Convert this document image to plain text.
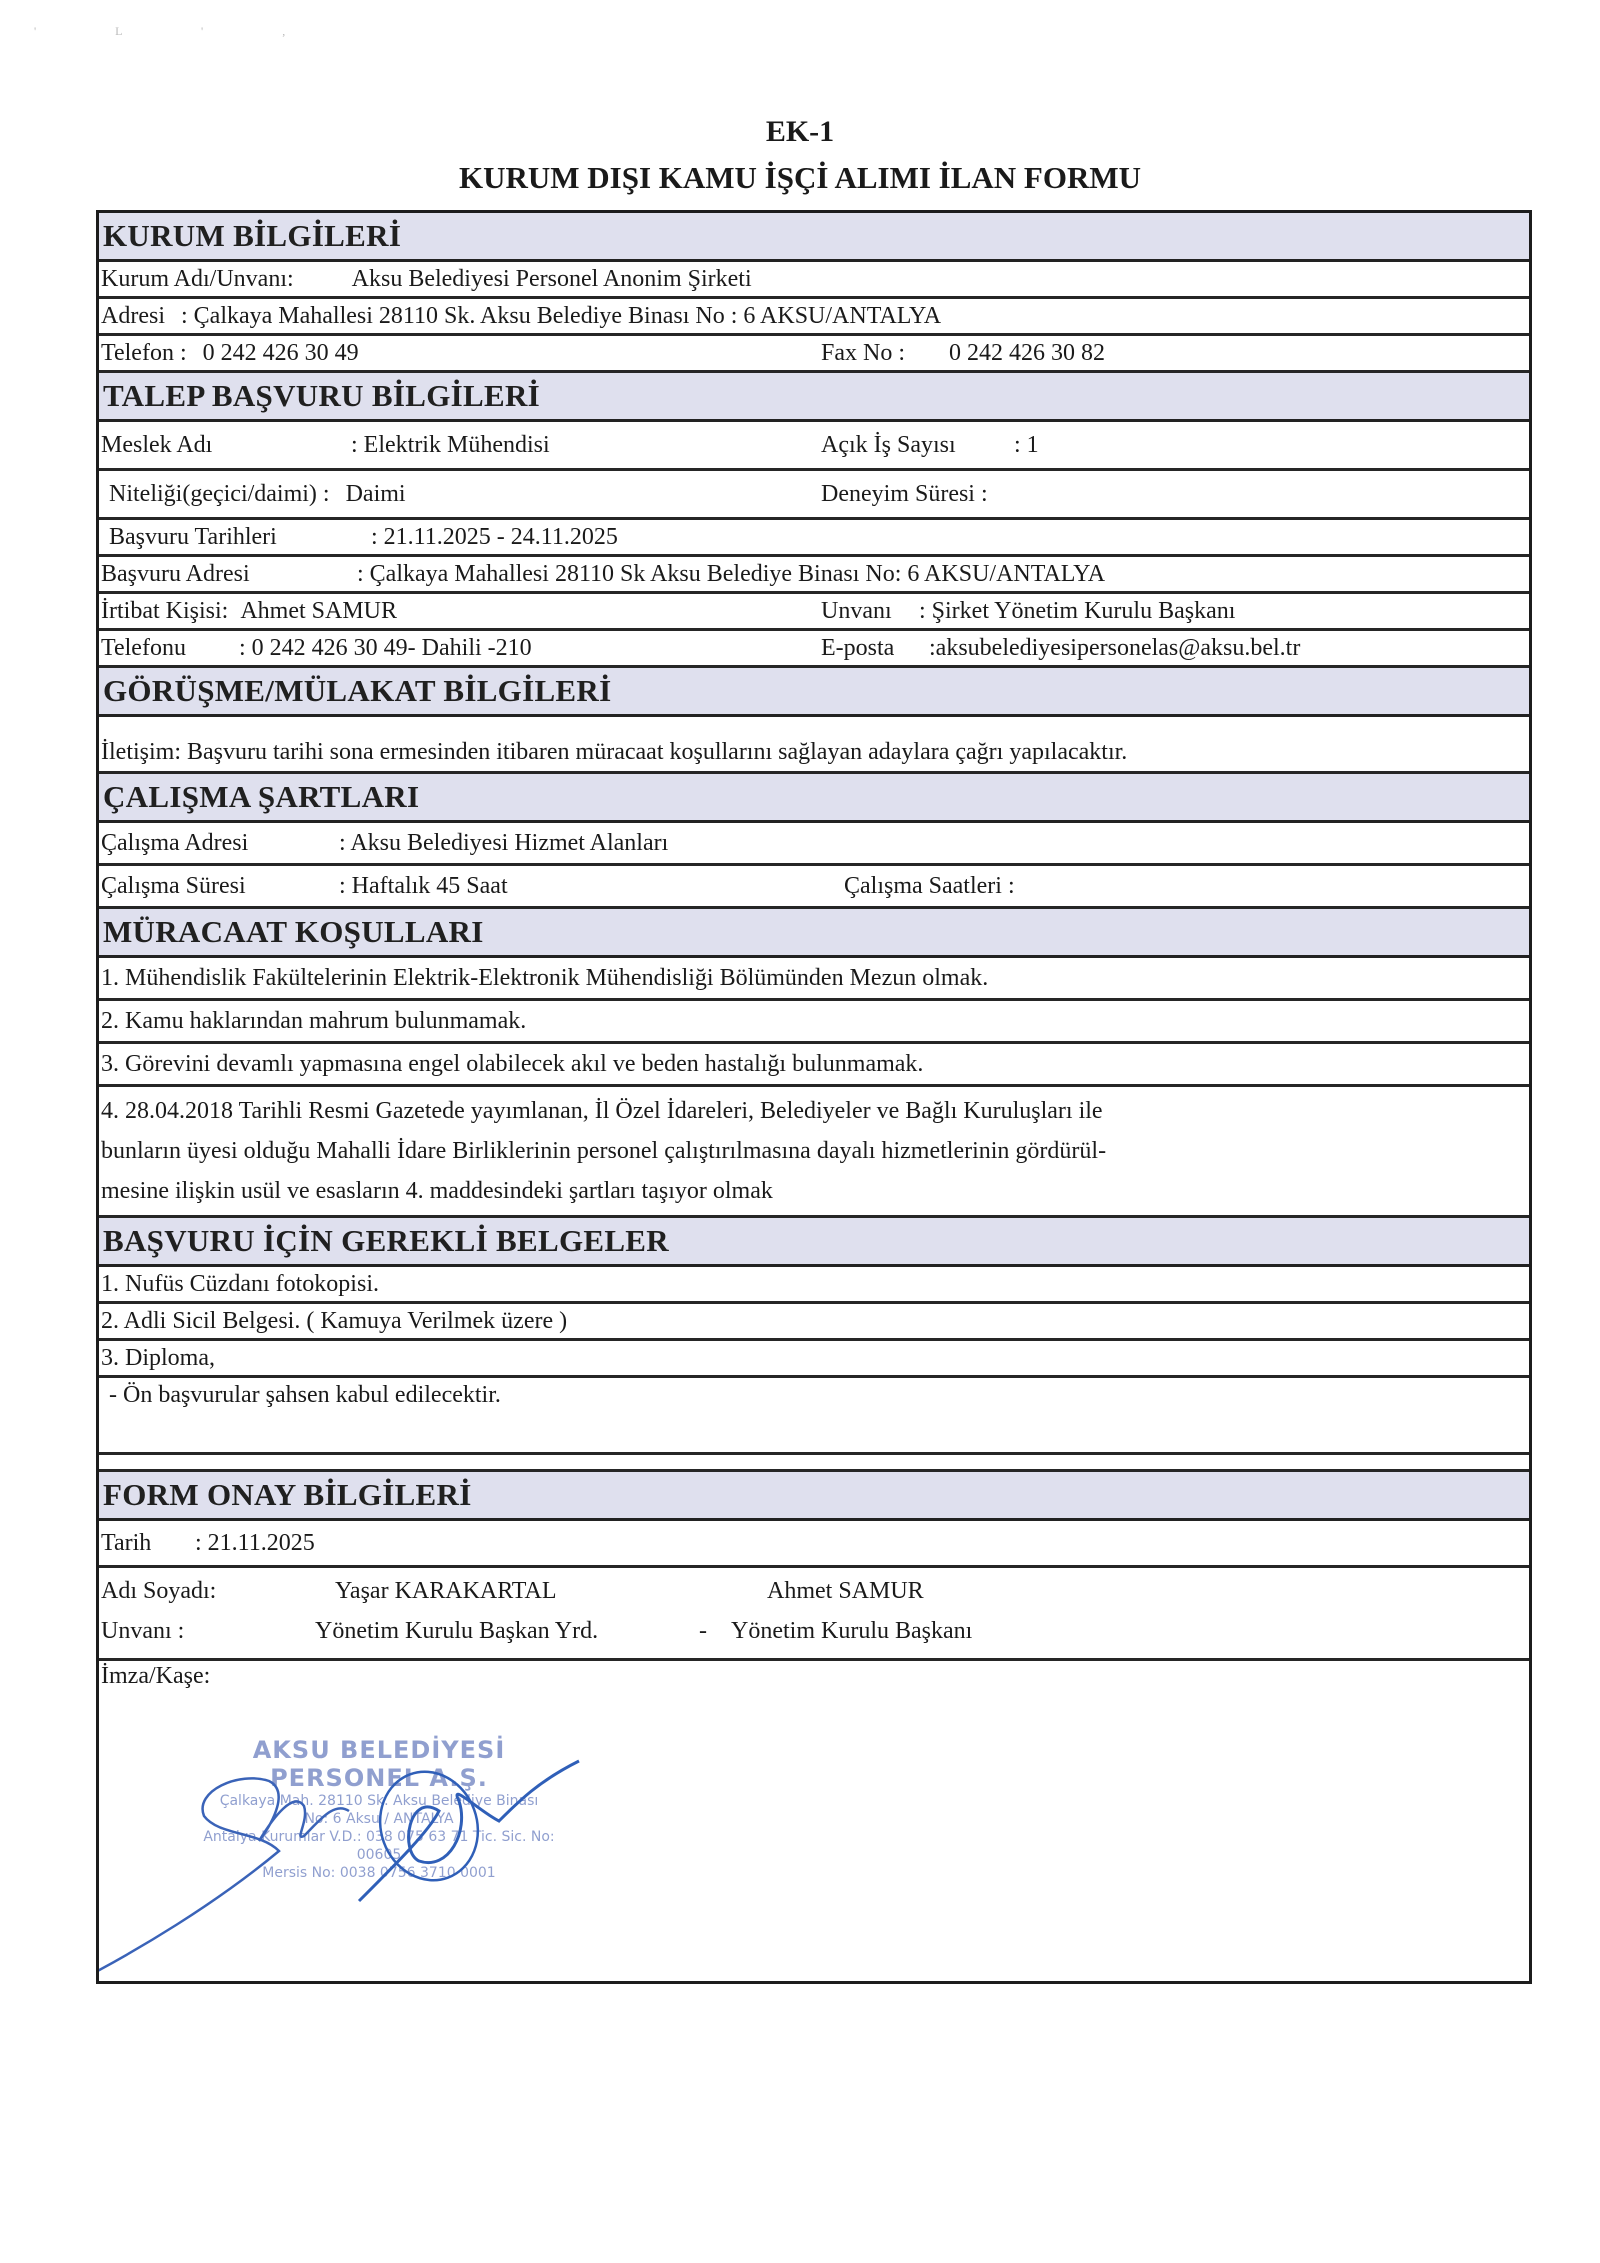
' L ' ,
EK-1
KURUM DIŞI KAMU İŞÇİ ALIMI İLAN FORMU
KURUM BİLGİLERİ
Kurum Adı/Unvanı: Aksu Belediyesi Personel Anonim Şirketi
Adresi : Çalkaya Mahallesi 28110 Sk. Aksu Belediye Binası No : 6 AKSU/ANTALYA
Telefon : 0 242 426 30 49	Fax No : 0 242 426 30 82
TALEP BAŞVURU BİLGİLERİ
Meslek Adı	: Elektrik Mühendisi	Açık İş Sayısı : 1
Niteliği(geçici/daimi) : Daimi	Deneyim Süresi :
Başvuru Tarihleri	: 21.11.2025 - 24.11.2025
Başvuru Adresi	: Çalkaya Mahallesi 28110 Sk Aksu Belediye Binası No: 6 AKSU/ANTALYA
İrtibat Kişisi: Ahmet SAMUR	Unvanı : Şirket Yönetim Kurulu Başkanı
Telefonu : 0 242 426 30 49- Dahili -210	E-posta :aksubelediyesipersonelas@aksu.bel.tr
GÖRÜŞME/MÜLAKAT BİLGİLERİ
İletişim: Başvuru tarihi sona ermesinden itibaren müracaat koşullarını sağlayan adaylara çağrı yapılacaktır.
ÇALIŞMA ŞARTLARI
Çalışma Adresi	: Aksu Belediyesi Hizmet Alanları
Çalışma Süresi	: Haftalık 45 Saat	Çalışma Saatleri :
MÜRACAAT KOŞULLARI
1. Mühendislik Fakültelerinin Elektrik-Elektronik Mühendisliği Bölümünden Mezun olmak.
2. Kamu haklarından mahrum bulunmamak.
3. Görevini devamlı yapmasına engel olabilecek akıl ve beden hastalığı bulunmamak.
4. 28.04.2018 Tarihli Resmi Gazetede yayımlanan, İl Özel İdareleri, Belediyeler ve Bağlı Kuruluşları ile
bunların üyesi olduğu Mahalli İdare Birliklerinin personel çalıştırılmasına dayalı hizmetlerinin gördürül-
mesine ilişkin usül ve esasların 4. maddesindeki şartları taşıyor olmak
BAŞVURU İÇİN GEREKLİ BELGELER
1. Nufüs Cüzdanı fotokopisi.
2. Adli Sicil Belgesi. ( Kamuya Verilmek üzere )
3. Diploma,
- Ön başvurular şahsen kabul edilecektir.
FORM ONAY BİLGİLERİ
Tarih : 21.11.2025
Adı Soyadı:	Yaşar KARAKARTAL	Ahmet SAMUR
Unvanı :	Yönetim Kurulu Başkan Yrd.	- Yönetim Kurulu Başkanı
İmza/Kaşe:
AKSU BELEDİYESİ PERSONEL A.Ş.
Çalkaya Mah. 28110 Sk. Aksu Belediye Binası
No: 6 Aksu / ANTALYA
Antalya Kurumlar V.D.: 038 075 63 71 Tic. Sic. No: 00605
Mersis No: 0038 0756 3710 0001
